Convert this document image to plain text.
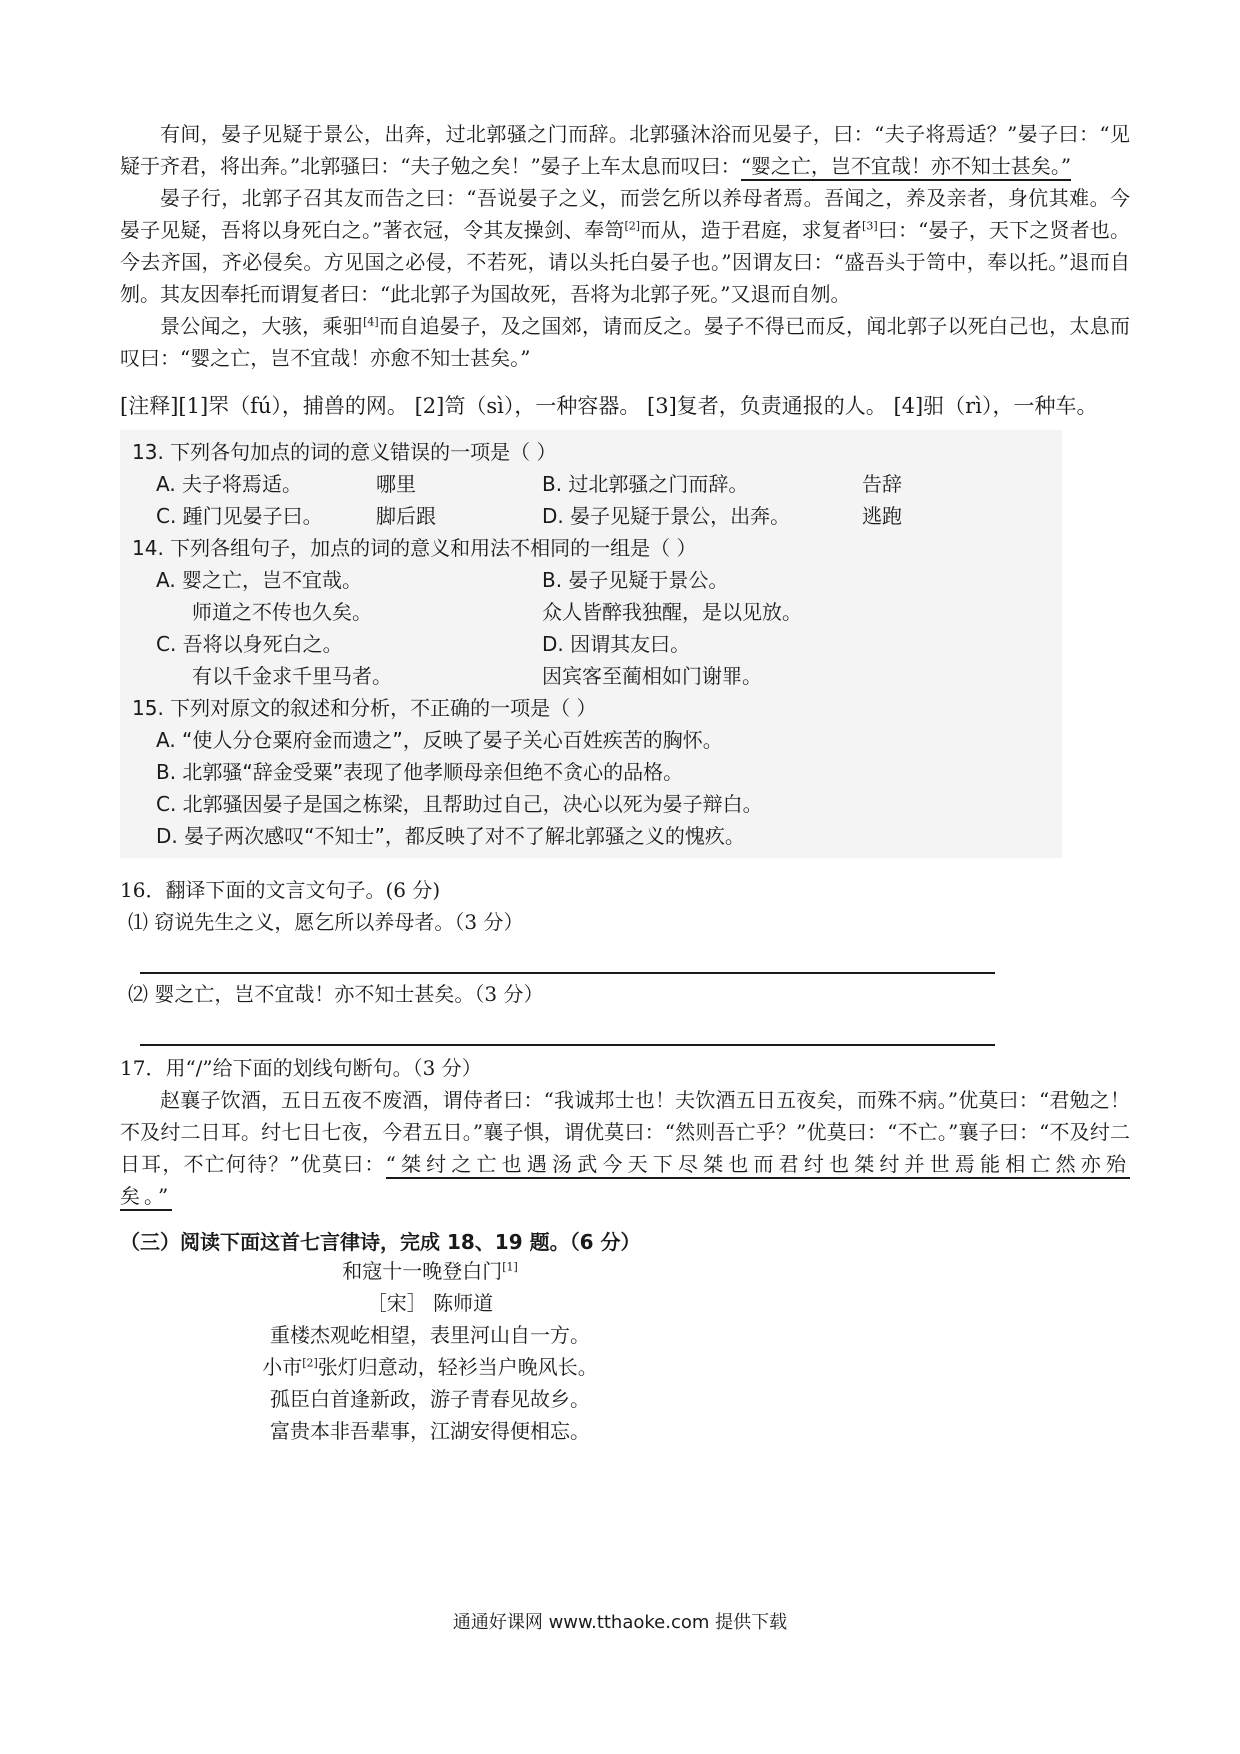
有间，晏子见疑于景公，出奔，过北郭骚之门而辞。北郭骚沐浴而见晏子，曰：“夫子将焉适？”晏子曰：“见疑于齐君，将出奔。”北郭骚曰：“夫子勉之矣！”晏子上车太息而叹曰：“婴之亡，岂不宜哉！亦不知士甚矣。”

晏子行，北郭子召其友而告之曰：“吾说晏子之义，而尝乞所以养母者焉。吾闻之，养及亲者，身伉其难。今晏子见疑，吾将以身死白之。”著衣冠，令其友操剑、奉笥[2]而从，造于君庭，求复者[3]曰：“晏子，天下之贤者也。今去齐国，齐必侵矣。方见国之必侵，不若死，请以头托白晏子也。”因谓友曰：“盛吾头于笥中，奉以托。”退而自刎。其友因奉托而谓复者曰：“此北郭子为国故死，吾将为北郭子死。”又退而自刎。

景公闻之，大骇，乘驲[4]而自追晏子，及之国郊，请而反之。晏子不得已而反，闻北郭子以死白己也，太息而叹曰：“婴之亡，岂不宜哉！亦愈不知士甚矣。”

[注释][1]罘（fú），捕兽的网。 [2]笥（sì），一种容器。 [3]复者，负责通报的人。 [4]驲（rì），一种车。

13. 下列各句加点的词的意义错误的一项是（ ）

A. 夫子将焉适。	哪里	B. 过北郭骚之门而辞。	告辞
C. 踵门见晏子曰。	脚后跟	D. 晏子见疑于景公，出奔。	逃跑

14. 下列各组句子，加点的词的意义和用法不相同的一组是（ ）

A. 婴之亡，岂不宜哉。	B. 晏子见疑于景公。
师道之不传也久矣。	众人皆醉我独醒，是以见放。
C. 吾将以身死白之。	D. 因谓其友曰。
有以千金求千里马者。	因宾客至蔺相如门谢罪。

15. 下列对原文的叙述和分析，不正确的一项是（ ）

A. “使人分仓粟府金而遗之”，反映了晏子关心百姓疾苦的胸怀。
B. 北郭骚“辞金受粟”表现了他孝顺母亲但绝不贪心的品格。
C. 北郭骚因晏子是国之栋梁，且帮助过自己，决心以死为晏子辩白。
D. 晏子两次感叹“不知士”，都反映了对不了解北郭骚之义的愧疚。
16．翻译下面的文言文句子。(6 分)
⑴ 窃说先生之义，愿乞所以养母者。（3 分）
⑵ 婴之亡，岂不宜哉！亦不知士甚矣。（3 分）
17．用“/”给下面的划线句断句。（3 分）

赵襄子饮酒，五日五夜不废酒，谓侍者曰：“我诚邦士也！夫饮酒五日五夜矣，而殊不病。”优莫曰：“君勉之！不及纣二日耳。纣七日七夜，今君五日。”襄子惧，谓优莫曰：“然则吾亡乎？”优莫曰：“不亡。”襄子曰：“不及纣二日耳，不亡何待？”优莫曰：“桀纣之亡也遇汤武今天下尽桀也而君纣也桀纣并世焉能相亡然亦殆矣。”

（三）阅读下面这首七言律诗，完成 18、19 题。（6 分）
和寇十一晚登白门[1]
［宋］ 陈师道
重楼杰观屹相望，表里河山自一方。
小市[2]张灯归意动，轻衫当户晚风长。
孤臣白首逢新政，游子青春见故乡。
富贵本非吾辈事，江湖安得便相忘。
通通好课网 www.tthaoke.com 提供下载
